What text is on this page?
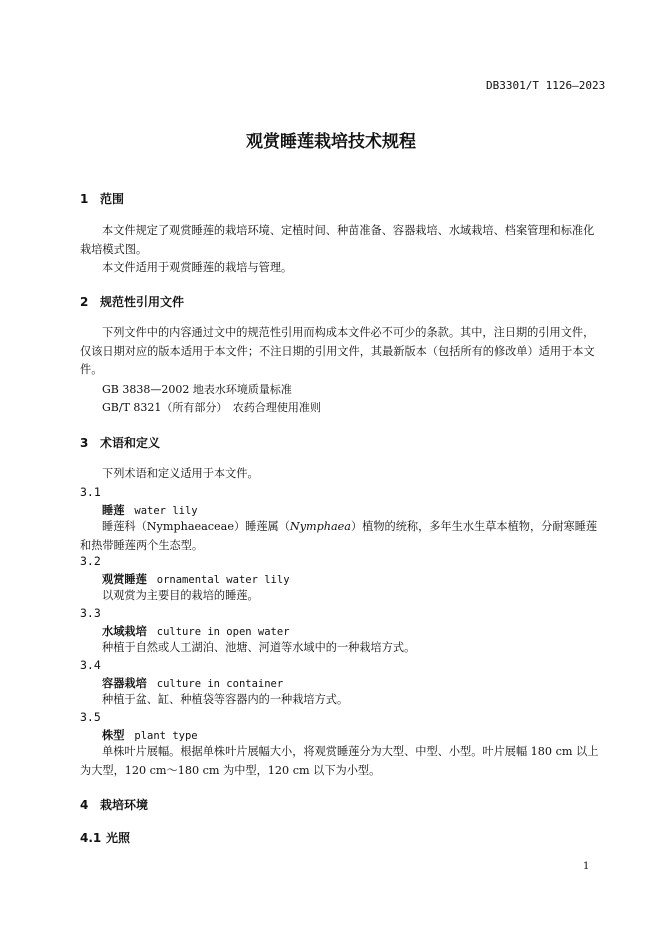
DB3301/T 1126—2023
观赏睡莲栽培技术规程
1 范围
本文件规定了观赏睡莲的栽培环境、定植时间、种苗准备、容器栽培、水域栽培、档案管理和标准化栽培模式图。
本文件适用于观赏睡莲的栽培与管理。
2 规范性引用文件
下列文件中的内容通过文中的规范性引用而构成本文件必不可少的条款。其中，注日期的引用文件，仅该日期对应的版本适用于本文件；不注日期的引用文件，其最新版本（包括所有的修改单）适用于本文件。
GB 3838—2002 地表水环境质量标准
GB/T 8321（所有部分）　农药合理使用准则
3 术语和定义
下列术语和定义适用于本文件。
3.1
睡莲 water lily
睡莲科（Nymphaeaceae）睡莲属（Nymphaea）植物的统称，多年生水生草本植物，分耐寒睡莲和热带睡莲两个生态型。
3.2
观赏睡莲 ornamental water lily
以观赏为主要目的栽培的睡莲。
3.3
水域栽培 culture in open water
种植于自然或人工湖泊、池塘、河道等水域中的一种栽培方式。
3.4
容器栽培 culture in container
种植于盆、缸、种植袋等容器内的一种栽培方式。
3.5
株型 plant type
单株叶片展幅。根据单株叶片展幅大小，将观赏睡莲分为大型、中型、小型。叶片展幅 180 cm 以上为大型，120 cm～180 cm 为中型，120 cm 以下为小型。
4 栽培环境
4.1 光照
1
